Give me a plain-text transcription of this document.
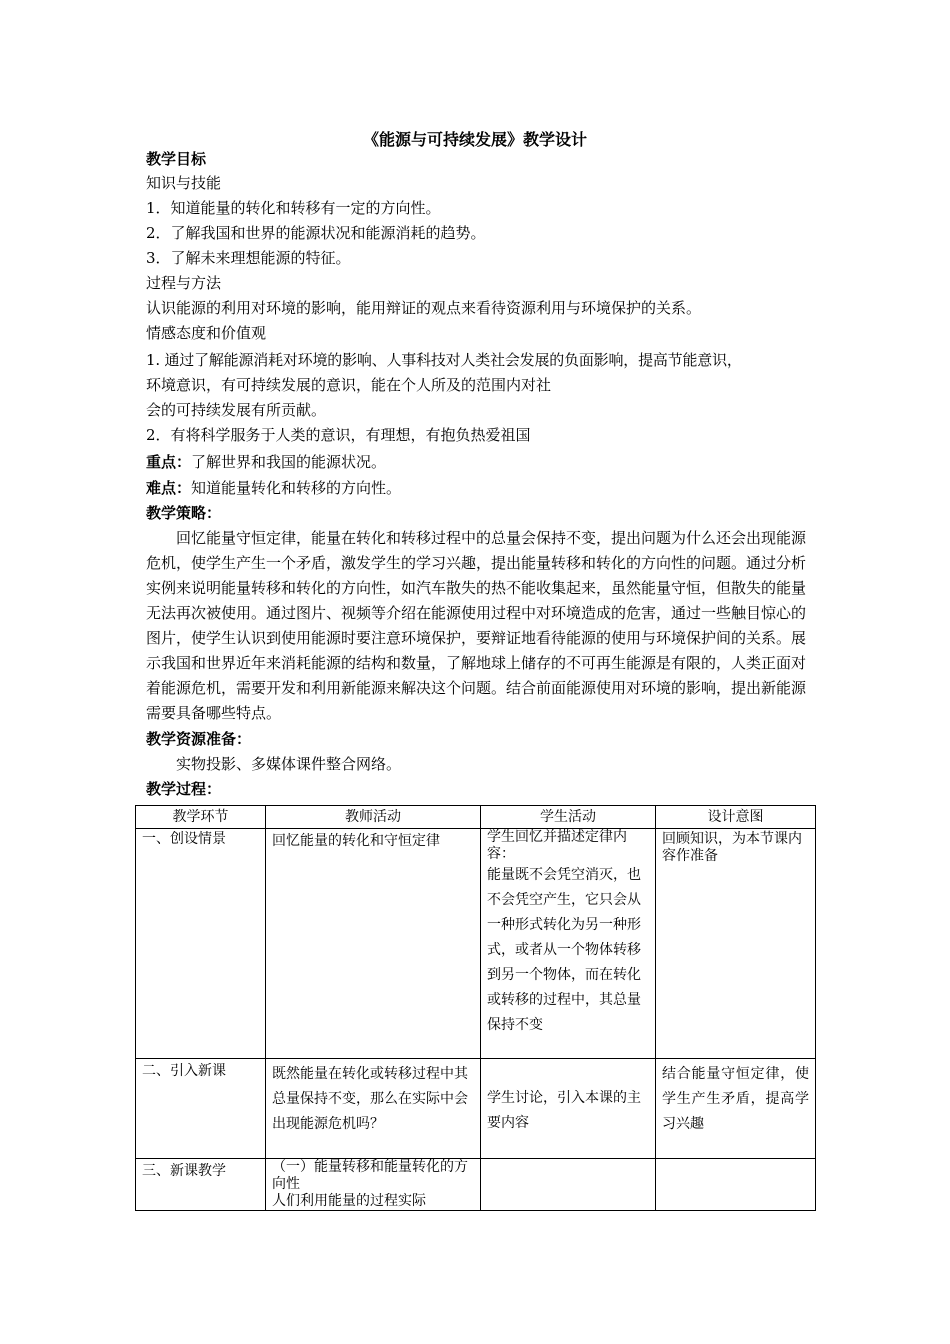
《能源与可持续发展》教学设计
教学目标
知识与技能
1．知道能量的转化和转移有一定的方向性。
2．了解我国和世界的能源状况和能源消耗的趋势。
3．了解未来理想能源的特征。
过程与方法
认识能源的利用对环境的影响，能用辩证的观点来看待资源利用与环境保护的关系。
情感态度和价值观
1. 通过了解能源消耗对环境的影响、人事科技对人类社会发展的负面影响，提高节能意识，
环境意识，有可持续发展的意识，能在个人所及的范围内对社
会的可持续发展有所贡献。
2．有将科学服务于人类的意识，有理想，有抱负热爱祖国
重点：了解世界和我国的能源状况。
难点：知道能量转化和转移的方向性。
教学策略：
回忆能量守恒定律，能量在转化和转移过程中的总量会保持不变，提出问题为什么还会出现能源危机，使学生产生一个矛盾，激发学生的学习兴趣，提出能量转移和转化的方向性的问题。通过分析实例来说明能量转移和转化的方向性，如汽车散失的热不能收集起来，虽然能量守恒，但散失的能量无法再次被使用。通过图片、视频等介绍在能源使用过程中对环境造成的危害，通过一些触目惊心的图片，使学生认识到使用能源时要注意环境保护，要辩证地看待能源的使用与环境保护间的关系。展示我国和世界近年来消耗能源的结构和数量，了解地球上储存的不可再生能源是有限的，人类正面对着能源危机，需要开发和利用新能源来解决这个问题。结合前面能源使用对环境的影响，提出新能源需要具备哪些特点。
教学资源准备：
实物投影、多媒体课件整合网络。
教学过程：
教学环节	教师活动	学生活动	设计意图
一、创设情景	回忆能量的转化和守恒定律	学生回忆并描述定律内容：
能量既不会凭空消灭，也不会凭空产生，它只会从一种形式转化为另一种形式，或者从一个物体转移到另一个物体，而在转化或转移的过程中，其总量保持不变	回顾知识，为本节课内容作准备
二、引入新课	既然能量在转化或转移过程中其总量保持不变，那么在实际中会出现能源危机吗？	学生讨论，引入本课的主要内容	结合能量守恒定律，使学生产生矛盾，提高学习兴趣
三、新课教学	（一）能量转移和能量转化的方向性
人们利用能量的过程实际		
